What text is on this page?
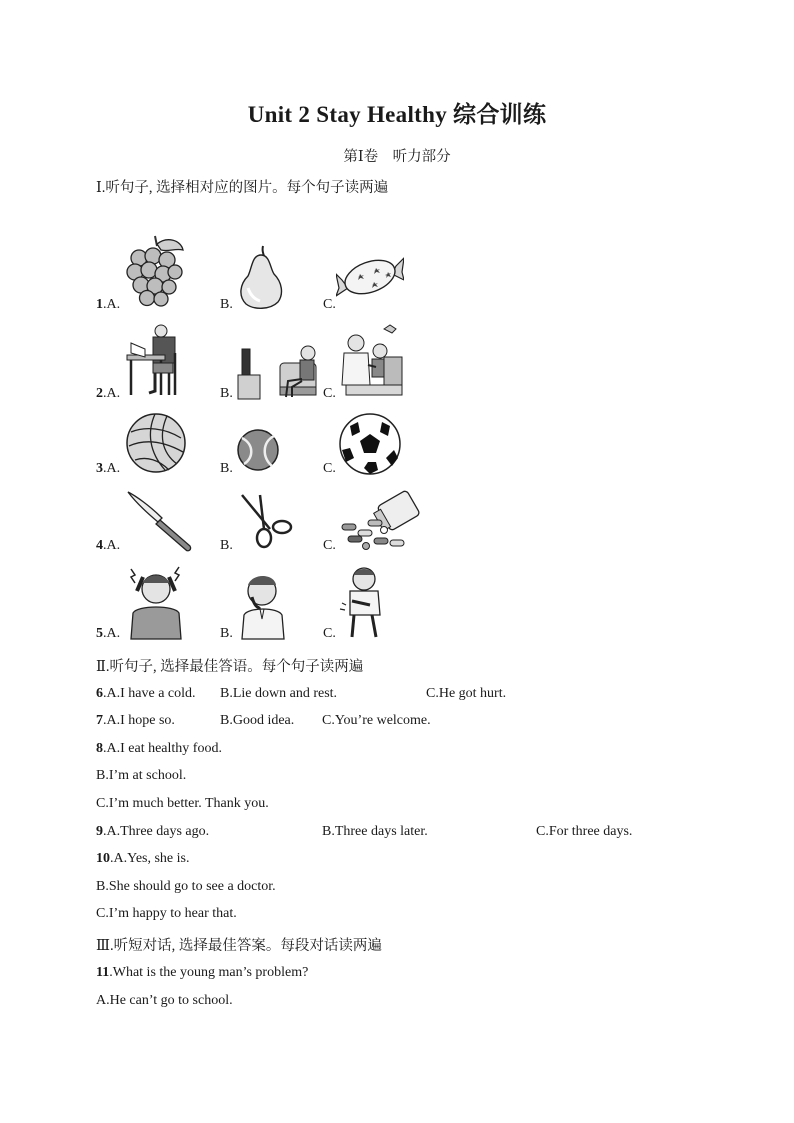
Unit 2 Stay Healthy 综合训练
第Ⅰ卷　听力部分
Ⅰ.听句子, 选择相对应的图片。每个句子读两遍
1.A.	B.	C.
2.A.	B.	C.
3.A.	B.	C.
4.A.	B.	C.
5.A.	B.	C.
Ⅱ.听句子, 选择最佳答语。每个句子读两遍
6.A.I have a cold. B.Lie down and rest.	C.He got hurt.
7.A.I hope so.	B.Good idea. C.You’re welcome.
8.A.I eat healthy food.
B.I’m at school.
C.I’m much better. Thank you.
9.A.Three days ago.	B.Three days later.	C.For three days.
10.A.Yes, she is.
B.She should go to see a doctor.
C.I’m happy to hear that.
Ⅲ.听短对话, 选择最佳答案。每段对话读两遍
11.What is the young man’s problem?
A.He can’t go to school.
